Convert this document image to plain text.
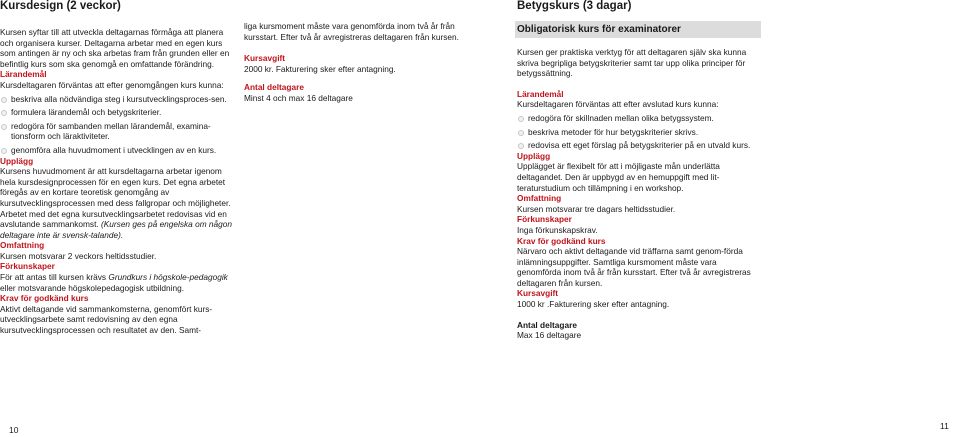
Kursdesign (2 veckor)

Kursen syftar till att utveckla deltagarnas förmåga att planera och organisera kurser. Deltagarna arbetar med en egen kurs som antingen är ny och ska arbetas fram från grunden eller en befintlig kurs som ska genomgå en omfattande förändring.

Lärandemål

Kursdeltagaren förväntas att efter genomgången kurs kunna:

beskriva alla nödvändiga steg i kursutvecklingsproces-sen.
formulera lärandemål och betygskriterier.
redogöra för sambanden mellan lärandemål, examina-tionsform och läraktiviteter.
genomföra alla huvudmoment i utvecklingen av en kurs.

Upplägg

Kursens huvudmoment är att kursdeltagarna arbetar igenom hela kursdesignprocessen för en egen kurs. Det egna arbetet föregås av en kortare teoretisk genomgång av kursutvecklingsprocessen med dess fallgropar och möjligheter. Arbetet med det egna kursutvecklingsarbetet redovisas vid en avslutande sammankomst. (Kursen ges på engelska om någon deltagare inte är svensk-talande).

Omfattning

Kursen motsvarar 2 veckors heltidsstudier.

Förkunskaper

För att antas till kursen krävs Grundkurs i högskole-pedagogik eller motsvarande högskolepedagogisk utbildning.

Krav för godkänd kurs

Aktivt deltagande vid sammankomsterna, genomfört kurs-utvecklingsarbete samt redovisning av den egna kursutvecklingsprocessen och resultatet av den. Samt-

10

liga kursmoment måste vara genomförda inom två år från kursstart. Efter två år avregistreras deltagaren från kursen.

Kursavgift

2000 kr. Fakturering sker efter antagning.

Antal deltagare

Minst 4 och max 16 deltagare

Betygskurs (3 dagar)
Obligatorisk kurs för examinatorer

Kursen ger praktiska verktyg för att deltagaren själv ska kunna skriva begripliga betygskriterier samt tar upp olika principer för betygssättning.

Lärandemål

Kursdeltagaren förväntas att efter avslutad kurs kunna:

redogöra för skillnaden mellan olika betygssystem.
beskriva metoder för hur betygskriterier skrivs.
redovisa ett eget förslag på betygskriterier på en utvald kurs.

Upplägg

Upplägget är flexibelt för att i möjligaste mån underlätta deltagandet. Den är uppbygd av en hemuppgift med lit-teraturstudium och tillämpning i en workshop.

Omfattning

Kursen motsvarar tre dagars heltidsstudier.

Förkunskaper

Inga förkunskapskrav.

Krav för godkänd kurs

Närvaro och aktivt deltagande vid träffarna samt genom-förda inlämningsuppgifter. Samtliga kursmoment måste vara genomförda inom två år från kursstart. Efter två år avregistreras deltagaren från kursen.

Kursavgift

1000 kr .Fakturering sker efter antagning.

Antal deltagare

Max 16 deltagare

11
